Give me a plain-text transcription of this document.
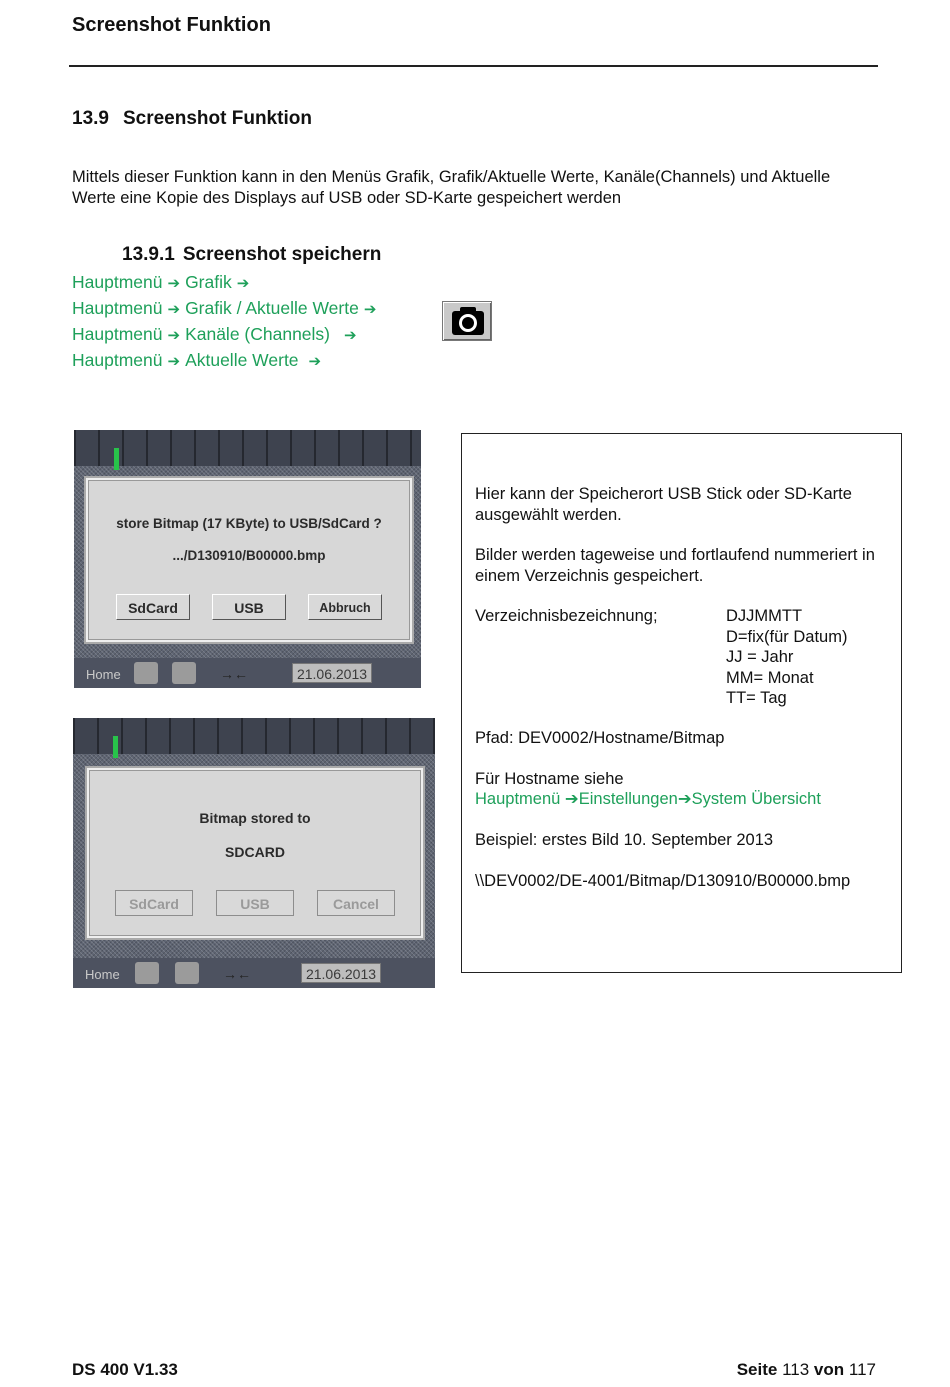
Screenshot Funktion
13.9 Screenshot Funktion
Mittels dieser Funktion kann in den Menüs Grafik, Grafik/Aktuelle Werte, Kanäle(Channels) und Aktuelle Werte eine Kopie des Displays auf USB oder SD-Karte gespeichert werden
13.9.1 Screenshot speichern
Hauptmenü ➔ Grafik ➔
Hauptmenü ➔ Grafik / Aktuelle Werte ➔
Hauptmenü ➔ Kanäle (Channels) ➔
Hauptmenü ➔ Aktuelle Werte ➔
store Bitmap (17 KByte) to USB/SdCard ?
.../D130910/B00000.bmp
SdCard	USB	Abbruch
Home	→←	21.06.2013
Bitmap stored to
SDCARD
SdCard	USB	Cancel
Home	→←	21.06.2013
Hier kann der Speicherort USB Stick oder SD-Karte ausgewählt werden.
Bilder werden tageweise und fortlaufend nummeriert in einem Verzeichnis gespeichert.
Verzeichnisbezeichnung;	DJJMMTT
D=fix(für Datum)
JJ = Jahr
MM= Monat
TT= Tag
Pfad: DEV0002/Hostname/Bitmap
Für Hostname siehe
Hauptmenü ➔Einstellungen➔System Übersicht
Beispiel: erstes Bild 10. September 2013
\\DEV0002/DE-4001/Bitmap/D130910/B00000.bmp
DS 400 V1.33	Seite 113 von 117
